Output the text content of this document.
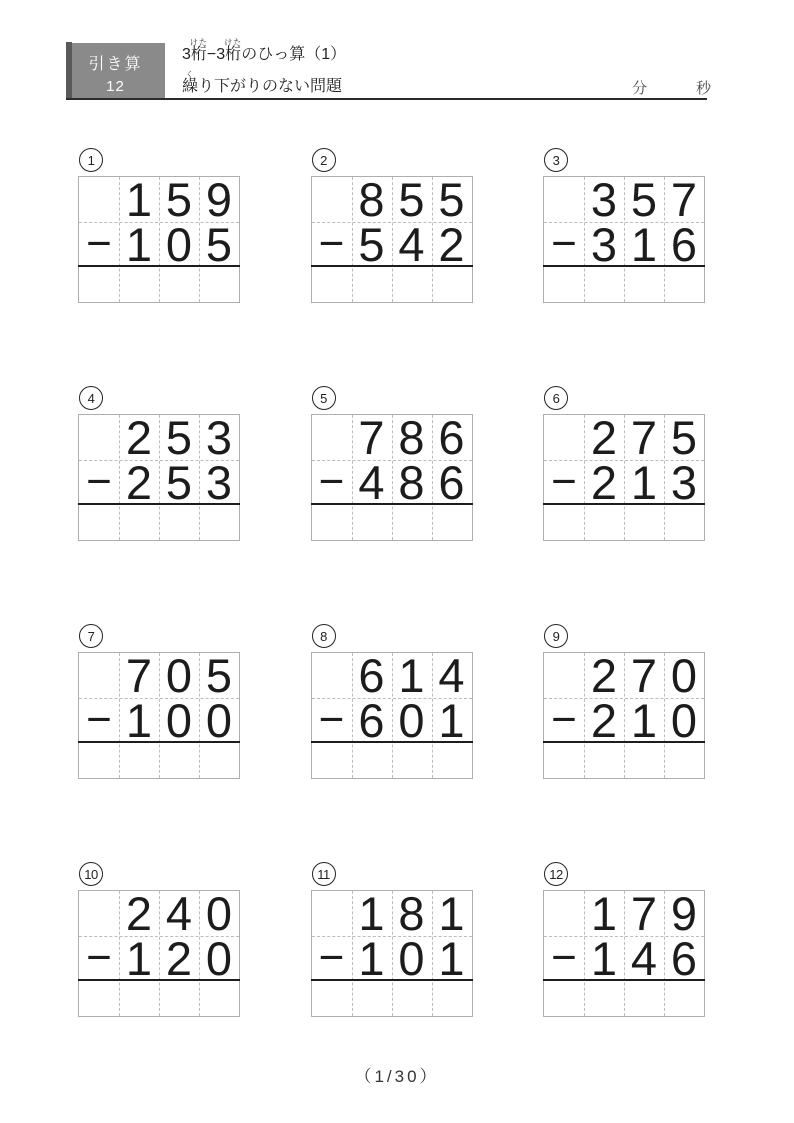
引き算
12
3桁けた−3桁けたのひっ算（1）
繰くり下がりのない問題	分	秒
1
−
1 5 9
1 0 5
2
−
8 5 5
5 4 2
3
−
3 5 7
3 1 6
4
−
2 5 3
2 5 3
5
−
7 8 6
4 8 6
6
−
2 7 5
2 1 3
7
−
7 0 5
1 0 0
8
−
6 1 4
6 0 1
9
−
2 7 0
2 1 0
10
−
2 4 0
1 2 0
11
−
1 8 1
1 0 1
12
−
1 7 9
1 4 6
（1/30）
